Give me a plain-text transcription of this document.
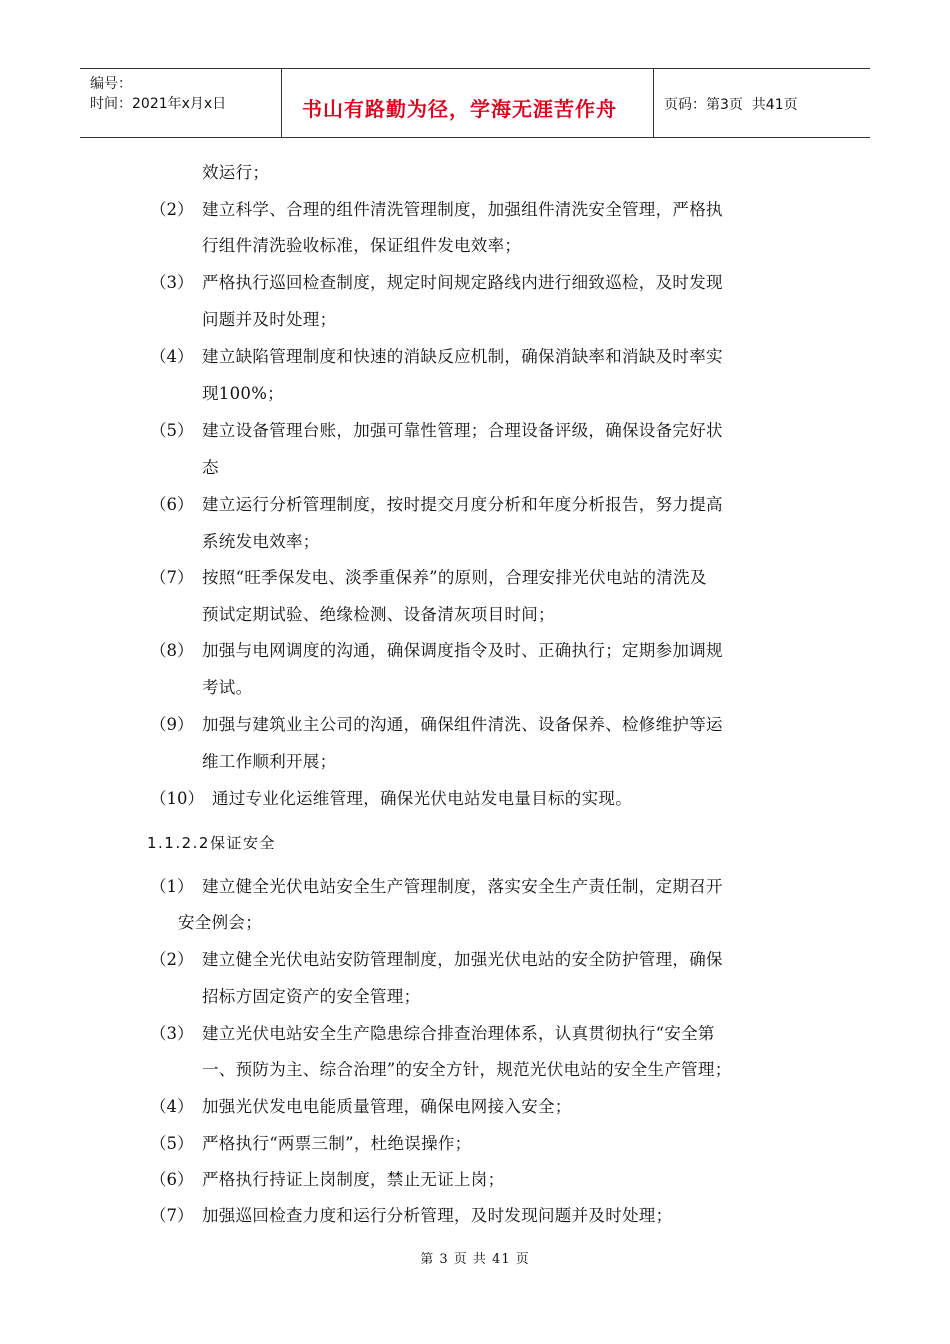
编号：
时间：2021年x月x日	书山有路勤为径，学海无涯苦作舟	页码：第3页  共41页
效运行；
（2） 建立科学、合理的组件清洗管理制度，加强组件清洗安全管理，严格执
行组件清洗验收标准，保证组件发电效率；
（3） 严格执行巡回检查制度，规定时间规定路线内进行细致巡检，及时发现
问题并及时处理；
（4） 建立缺陷管理制度和快速的消缺反应机制，确保消缺率和消缺及时率实
现100%；
（5） 建立设备管理台账，加强可靠性管理；合理设备评级，确保设备完好状
态
（6） 建立运行分析管理制度，按时提交月度分析和年度分析报告，努力提高
系统发电效率；
（7） 按照“旺季保发电、淡季重保养”的原则，合理安排光伏电站的清洗及
预试定期试验、绝缘检测、设备清灰项目时间；
（8） 加强与电网调度的沟通，确保调度指令及时、正确执行；定期参加调规
考试。
（9） 加强与建筑业主公司的沟通，确保组件清洗、设备保养、检修维护等运
维工作顺利开展；
（10） 通过专业化运维管理，确保光伏电站发电量目标的实现。
1.1.2.2保证安全
（1） 建立健全光伏电站安全生产管理制度，落实安全生产责任制，定期召开
安全例会；
（2） 建立健全光伏电站安防管理制度，加强光伏电站的安全防护管理，确保
招标方固定资产的安全管理；
（3） 建立光伏电站安全生产隐患综合排查治理体系，认真贯彻执行“安全第
一、预防为主、综合治理”的安全方针，规范光伏电站的安全生产管理；
（4） 加强光伏发电电能质量管理，确保电网接入安全；
（5） 严格执行“两票三制”，杜绝误操作；
（6） 严格执行持证上岗制度，禁止无证上岗；
（7） 加强巡回检查力度和运行分析管理，及时发现问题并及时处理；
第 3 页 共 41 页
